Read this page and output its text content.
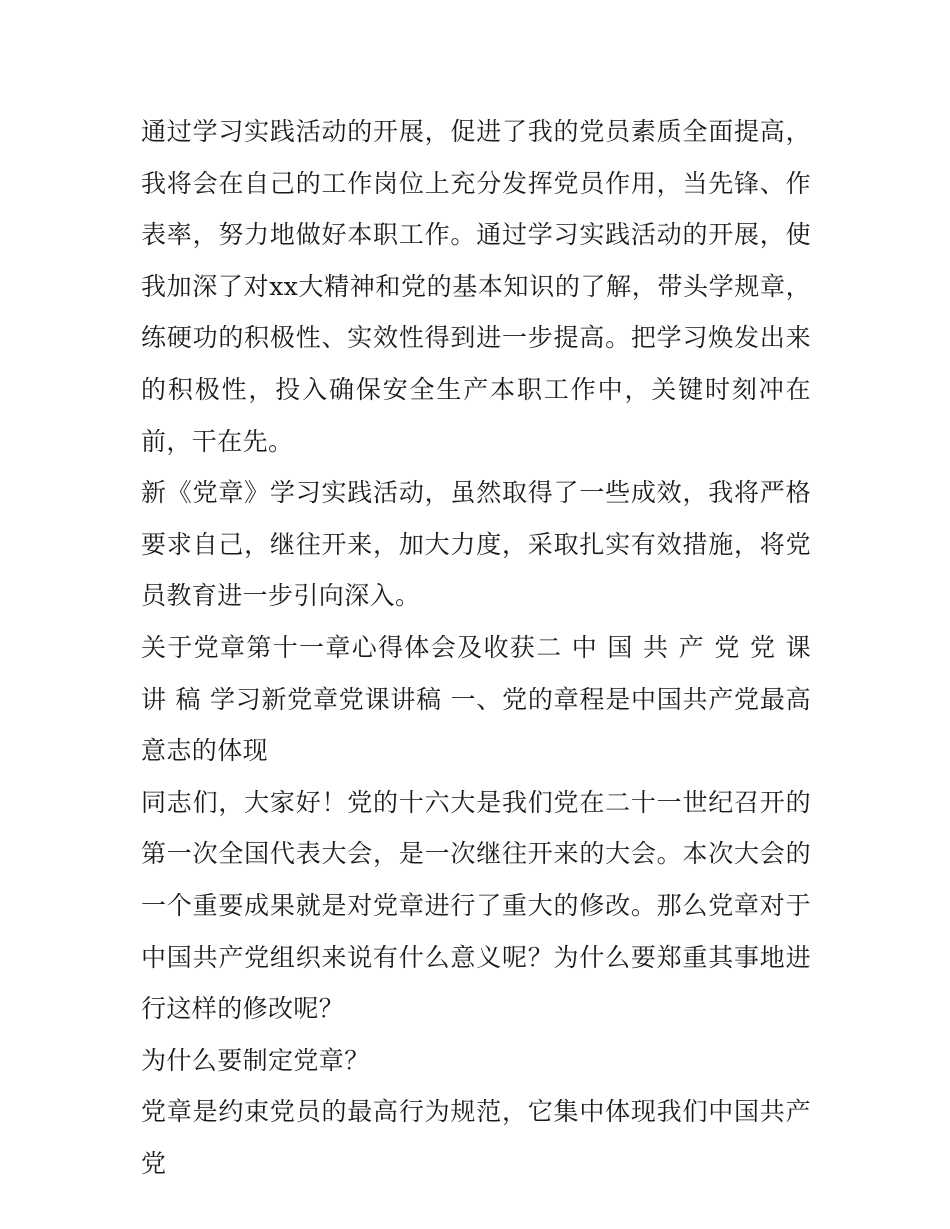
通过学习实践活动的开展，促进了我的党员素质全面提高，我将会在自己的工作岗位上充分发挥党员作用，当先锋、作表率，努力地做好本职工作。通过学习实践活动的开展，使我加深了对xx大精神和党的基本知识的了解，带头学规章，练硬功的积极性、实效性得到进一步提高。把学习焕发出来的积极性，投入确保安全生产本职工作中，关键时刻冲在前，干在先。

新《党章》学习实践活动，虽然取得了一些成效，我将严格要求自己，继往开来，加大力度，采取扎实有效措施，将党员教育进一步引向深入。

关于党章第十一章心得体会及收获二 中 国 共 产 党 党 课 讲 稿 学习新党章党课讲稿 一、党的章程是中国共产党最高意志的体现

同志们，大家好！党的十六大是我们党在二十一世纪召开的第一次全国代表大会，是一次继往开来的大会。本次大会的一个重要成果就是对党章进行了重大的修改。那么党章对于中国共产党组织来说有什么意义呢？为什么要郑重其事地进行这样的修改呢？

为什么要制定党章？

党章是约束党员的最高行为规范，它集中体现我们中国共产党
